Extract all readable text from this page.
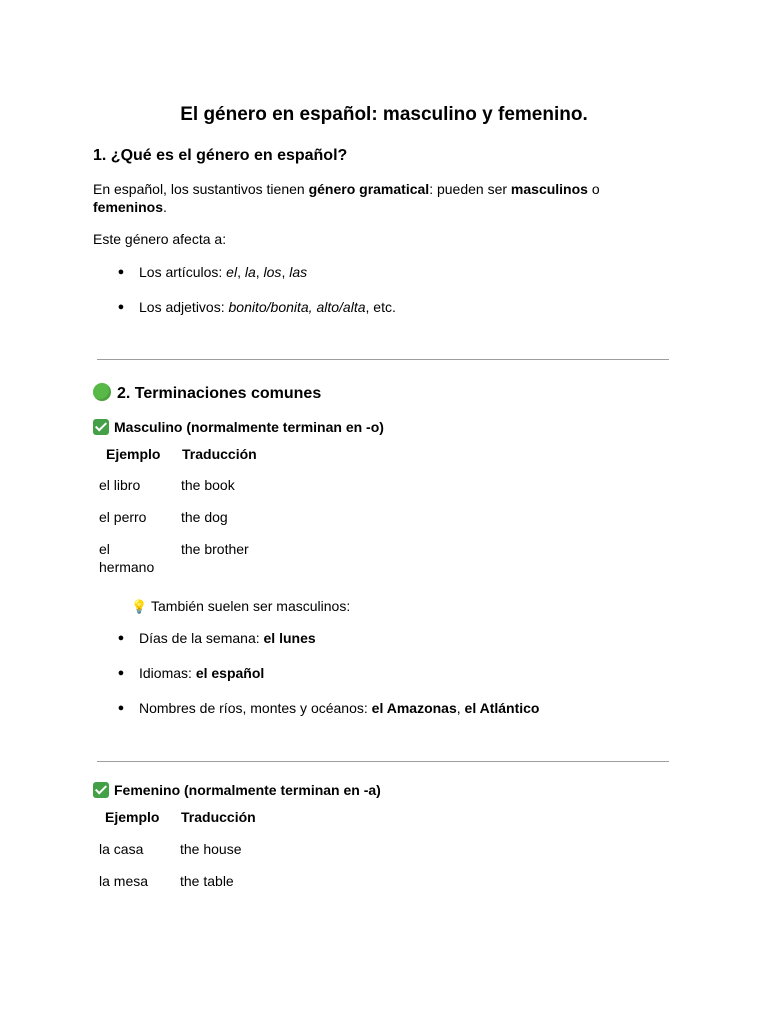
El género en español: masculino y femenino.
1. ¿Qué es el género en español?
En español, los sustantivos tienen género gramatical: pueden ser masculinos o
femeninos.
Este género afecta a:
● Los artículos: el, la, los, las
● Los adjetivos: bonito/bonita, alto/alta, etc.
2. Terminaciones comunes
Masculino (normalmente terminan en -o)
Ejemplo Traducción
el libro	the book
el perro the dog
el
hermano
the brother
💡 También suelen ser masculinos:
● Días de la semana: el lunes
● Idiomas: el español
● Nombres de ríos, montes y océanos: el Amazonas, el Atlántico
Femenino (normalmente terminan en -a)
Ejemplo Traducción
la casa	the house
la mesa the table
